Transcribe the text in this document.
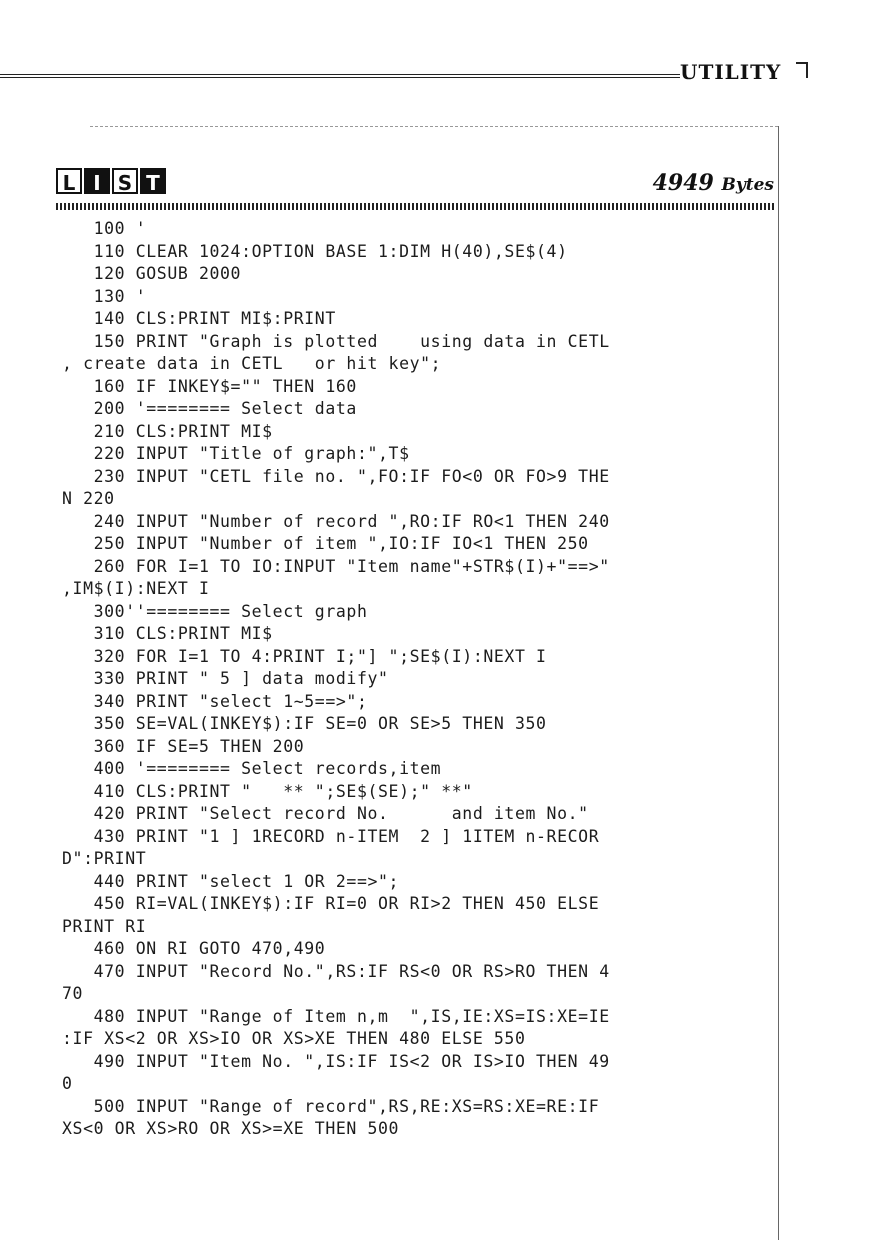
UTILITY
L I S T	4949 Bytes
100 '
110 CLEAR 1024:OPTION BASE 1:DIM H(40),SE$(4)
120 GOSUB 2000
130 '
140 CLS:PRINT MI$:PRINT
150 PRINT "Graph is plotted    using data in CETL
, create data in CETL   or hit key";
160 IF INKEY$="" THEN 160
200 '======== Select data
210 CLS:PRINT MI$
220 INPUT "Title of graph:",T$
230 INPUT "CETL file no. ",FO:IF FO<0 OR FO>9 THE
N 220
240 INPUT "Number of record ",RO:IF RO<1 THEN 240
250 INPUT "Number of item ",IO:IF IO<1 THEN 250
260 FOR I=1 TO IO:INPUT "Item name"+STR$(I)+"==>"
,IM$(I):NEXT I
300''======== Select graph
310 CLS:PRINT MI$
320 FOR I=1 TO 4:PRINT I;"] ";SE$(I):NEXT I
330 PRINT " 5 ] data modify"
340 PRINT "select 1~5==>";
350 SE=VAL(INKEY$):IF SE=0 OR SE>5 THEN 350
360 IF SE=5 THEN 200
400 '======== Select records,item
410 CLS:PRINT "   ** ";SE$(SE);" **"
420 PRINT "Select record No.      and item No."
430 PRINT "1 ] 1RECORD n-ITEM  2 ] 1ITEM n-RECOR
D":PRINT
440 PRINT "select 1 OR 2==>";
450 RI=VAL(INKEY$):IF RI=0 OR RI>2 THEN 450 ELSE
PRINT RI
460 ON RI GOTO 470,490
470 INPUT "Record No.",RS:IF RS<0 OR RS>RO THEN 4
70
480 INPUT "Range of Item n,m  ",IS,IE:XS=IS:XE=IE
:IF XS<2 OR XS>IO OR XS>XE THEN 480 ELSE 550
490 INPUT "Item No. ",IS:IF IS<2 OR IS>IO THEN 49
0
500 INPUT "Range of record",RS,RE:XS=RS:XE=RE:IF
XS<0 OR XS>RO OR XS>=XE THEN 500
